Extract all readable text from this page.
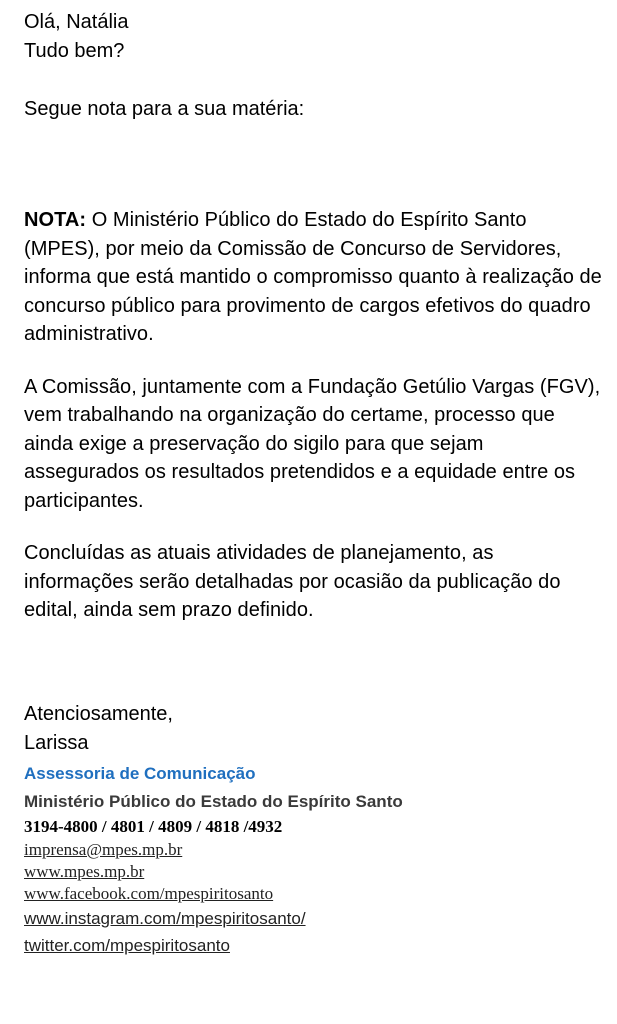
Olá, Natália

Tudo bem?

Segue nota para a sua matéria:

NOTA: O Ministério Público do Estado do Espírito Santo (MPES), por meio da Comissão de Concurso de Servidores, informa que está mantido o compromisso quanto à realização de concurso público para provimento de cargos efetivos do quadro administrativo.

A Comissão, juntamente com a Fundação Getúlio Vargas (FGV), vem trabalhando na organização do certame, processo que ainda exige a preservação do sigilo para que sejam assegurados os resultados pretendidos e a equidade entre os participantes.

Concluídas as atuais atividades de planejamento, as informações serão detalhadas por ocasião da publicação do edital, ainda sem prazo definido.

Atenciosamente,

Larissa

Assessoria de Comunicação

Ministério Público do Estado do Espírito Santo

3194-4800 / 4801 / 4809 / 4818 /4932

imprensa@mpes.mp.br
www.mpes.mp.br
www.facebook.com/mpespiritosanto
www.instagram.com/mpespiritosanto/
twitter.com/mpespiritosanto
